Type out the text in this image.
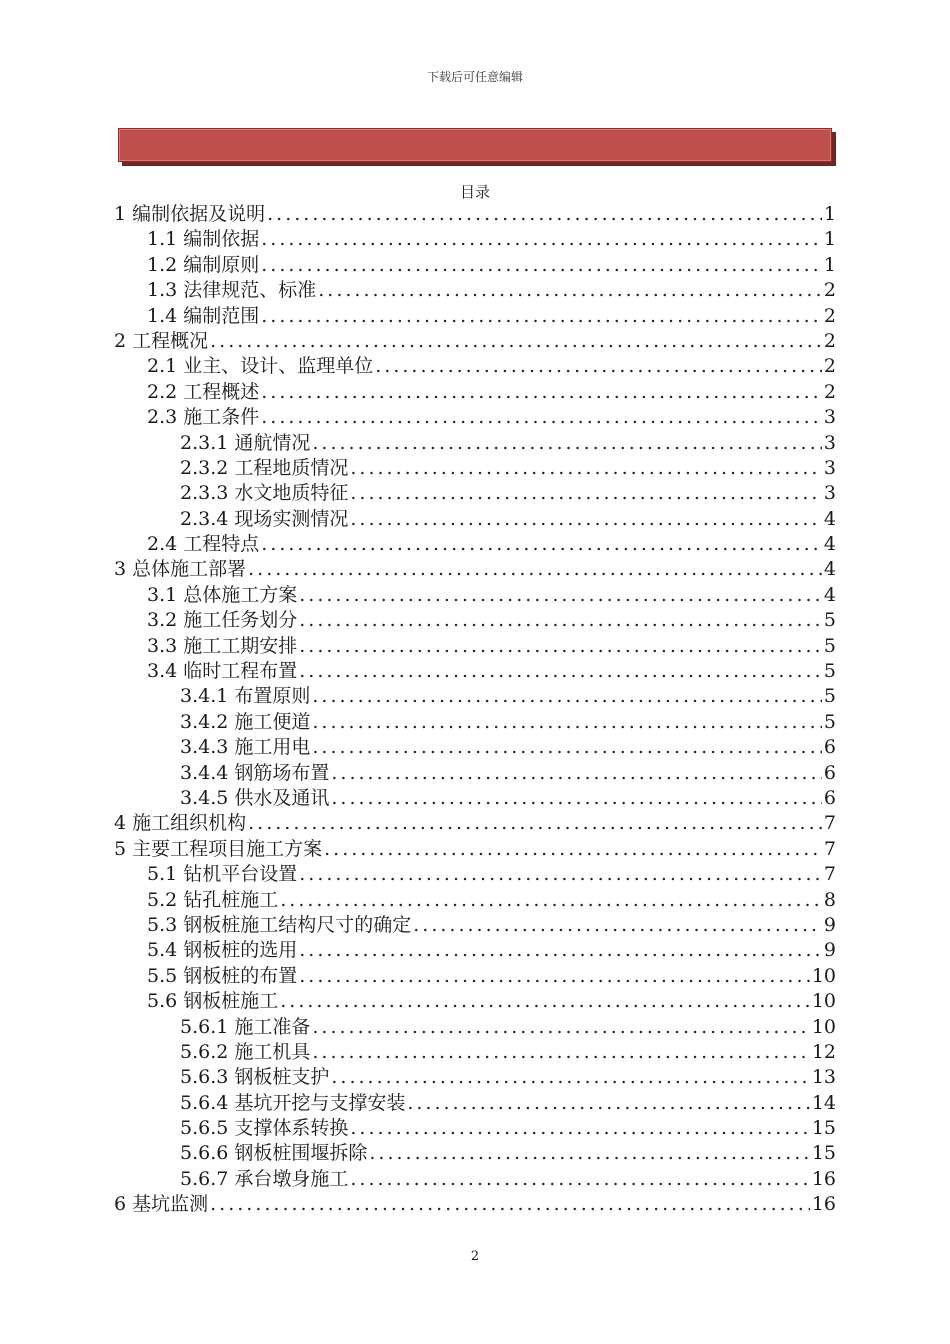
下载后可任意编辑
目录
1 编制依据及说明 .....	1
1.1 编制依据 .....	1
1.2 编制原则 .....	1
1.3 法律规范、标准 .....	2
1.4 编制范围 .....	2
2 工程概况 .....	2
2.1 业主、设计、监理单位 .....	2
2.2 工程概述 .....	2
2.3 施工条件 .....	3
2.3.1 通航情况 .....	3
2.3.2 工程地质情况 .....	3
2.3.3 水文地质特征 .....	3
2.3.4 现场实测情况 .....	4
2.4 工程特点 .....	4
3 总体施工部署 .....	4
3.1 总体施工方案 .....	4
3.2 施工任务划分 .....	5
3.3 施工工期安排 .....	5
3.4 临时工程布置 .....	5
3.4.1 布置原则 .....	5
3.4.2 施工便道 .....	5
3.4.3 施工用电 .....	6
3.4.4 钢筋场布置 .....	6
3.4.5 供水及通讯 .....	6
4 施工组织机构 .....	7
5 主要工程项目施工方案 .....	7
5.1 钻机平台设置 .....	7
5.2 钻孔桩施工 .....	8
5.3 钢板桩施工结构尺寸的确定 .....	9
5.4 钢板桩的选用 .....	9
5.5 钢板桩的布置 .....	10
5.6 钢板桩施工 .....	10
5.6.1 施工准备 .....	10
5.6.2 施工机具 .....	12
5.6.3 钢板桩支护 .....	13
5.6.4 基坑开挖与支撑安装 .....	14
5.6.5 支撑体系转换 .....	15
5.6.6 钢板桩围堰拆除 .....	15
5.6.7 承台墩身施工 .....	16
6 基坑监测 .....	16
2
